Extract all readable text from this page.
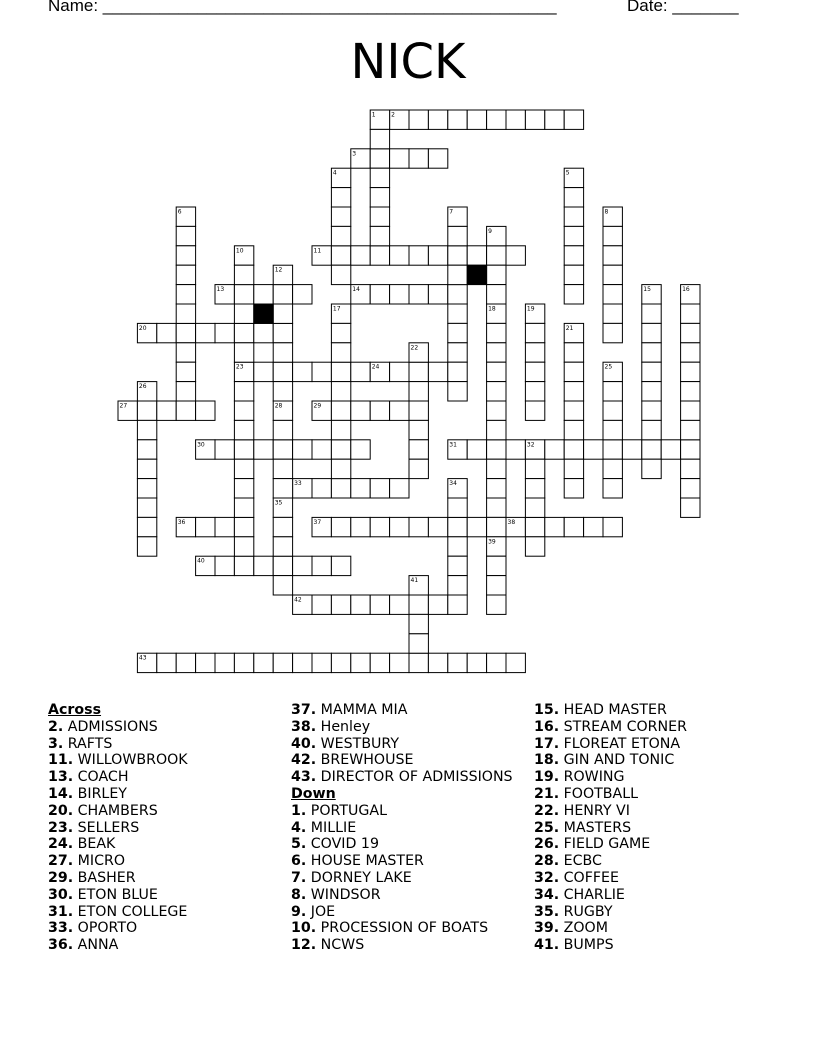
Name: ________________________________________________	Date: _______
NICK
2
3
11
13	14
20
23	24
27	29
30	31
33
36	37	38
40
42
43
1
4	5
6	7	8
9
10
12
15	16
17	18	19
21
22
25
26
28
32
34
35
39
41
Across
2. ADMISSIONS
3. RAFTS
11. WILLOWBROOK
13. COACH
14. BIRLEY
20. CHAMBERS
23. SELLERS
24. BEAK
27. MICRO
29. BASHER
30. ETON BLUE
31. ETON COLLEGE
33. OPORTO
36. ANNA
37. MAMMA MIA
38. Henley
40. WESTBURY
42. BREWHOUSE
43. DIRECTOR OF ADMISSIONS
Down
1. PORTUGAL
4. MILLIE
5. COVID 19
6. HOUSE MASTER
7. DORNEY LAKE
8. WINDSOR
9. JOE
10. PROCESSION OF BOATS
12. NCWS
15. HEAD MASTER
16. STREAM CORNER
17. FLOREAT ETONA
18. GIN AND TONIC
19. ROWING
21. FOOTBALL
22. HENRY VI
25. MASTERS
26. FIELD GAME
28. ECBC
32. COFFEE
34. CHARLIE
35. RUGBY
39. ZOOM
41. BUMPS
